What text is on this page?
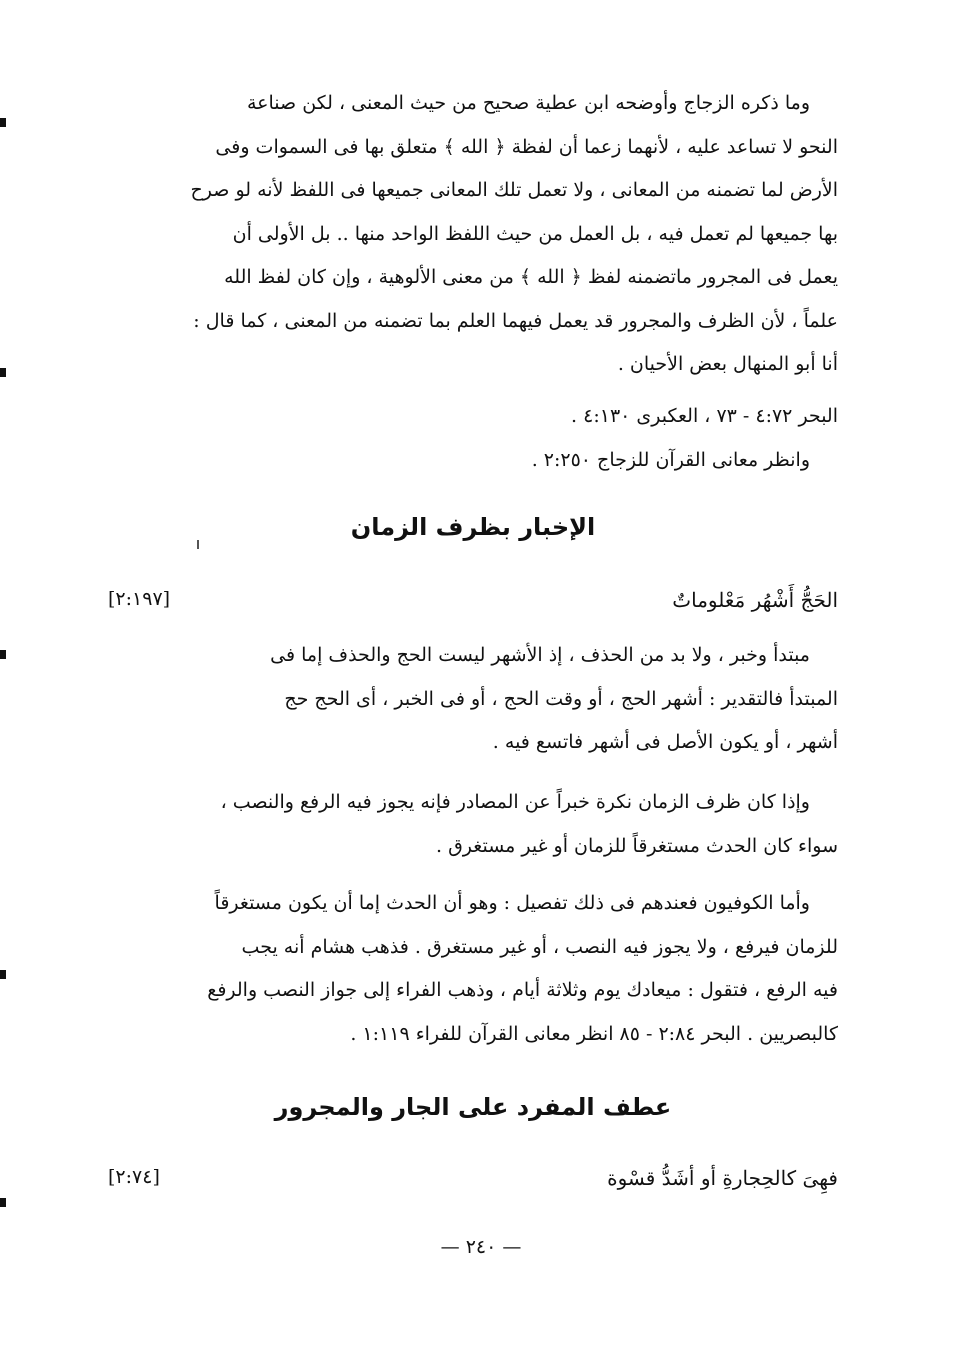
وما ذكره الزجاج وأوضحه ابن عطية صحيح من حيث المعنى ، لكن صناعة
النحو لا تساعد عليه ، لأنهما زعما أن لفظة ﴿ الله ﴾ متعلق بها فى السموات وفى
الأرض لما تضمنه من المعانى ، ولا تعمل تلك المعانى جميعها فى اللفظ لأنه لو صرح
بها جميعها لم تعمل فيه ، بل العمل من حيث اللفظ الواحد منها .. بل الأولى أن
يعمل فى المجرور ماتضمنه لفظ ﴿ الله ﴾ من معنى الألوهية ، وإن كان لفظ الله
علماً ، لأن الظرف والمجرور قد يعمل فيهما العلم بما تضمنه من المعنى ، كما قال :
أنا أبو المنهال بعض الأحيان .
البحر ٤:٧٢ - ٧٣ ، العكبرى ٤:١٣٠ .
وانظر معانى القرآن للزجاج ٢:٢٥٠ .
الإخبار بظرف الزمان
الحَجُّ أَشْهُر مَعْلوماتٌ
[٢:١٩٧]
مبتدأ وخبر ، ولا بد من الحذف ، إذ الأشهر ليست الحج والحذف إما فى
المبتدأ فالتقدير : أشهر الحج ، أو وقت الحج ، أو فى الخبر ، أى الحج حج
أشهر ، أو يكون الأصل فى أشهر فاتسع فيه .
وإذا كان ظرف الزمان نكرة خبراً عن المصادر فإنه يجوز فيه الرفع والنصب ،
سواء كان الحدث مستغرقاً للزمان أو غير مستغرق .
وأما الكوفيون فعندهم فى ذلك تفصيل : وهو أن الحدث إما أن يكون مستغرقاً
للزمان فيرفع ، ولا يجوز فيه النصب ، أو غير مستغرق . فذهب هشام أنه يجب
فيه الرفع ، فتقول : ميعادك يوم وثلاثة أيام ، وذهب الفراء إلى جواز النصب والرفع
كالبصريين . البحر ٢:٨٤ - ٨٥ انظر معانى القرآن للفراء ١:١١٩ .
عطف المفرد على الجار والمجرور
فهِىَ كالحِجارةِ أو أشَدُّ قسْوة
[٢:٧٤]
— ٢٤٠ —
